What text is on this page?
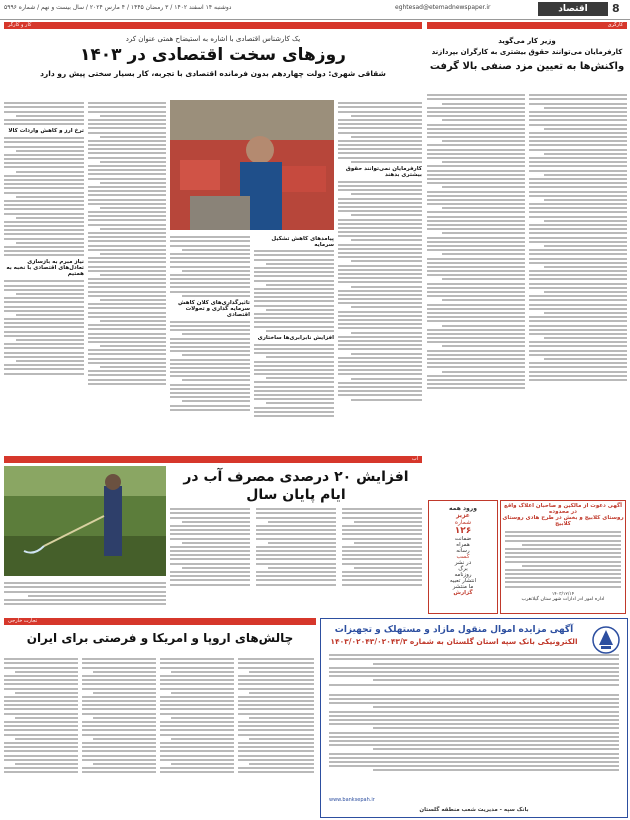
دوشنبه ۱۴ اسفند ۱۴۰۲ / ۳ رمضان ۱۴۴۵ / ۴ مارس ۲۰۲۴ / سال بیست و نهم / شماره ۵۹۹۶	eghtesad@etemadnewspaper.ir	اقتصاد	8
کارگری
وزیر کار می‌گوید
کارفرمایان می‌توانند حقوق بیشتری به کارگران بپردازند
واکنش‌ها به تعیین مزد صنفی بالا گرفت
کار و کارگر
یک کارشناس اقتصادی با اشاره به استیضاح همتی عنوان کرد
روزهای سخت اقتصادی در ۱۴۰۳
شقاقی شهری: دولت چهاردهم بدون فرمانده اقتصادی با تجربه، کار بسیار سختی پیش رو دارد
کارفرمایان نمی‌توانند حقوق بیشتری بدهند
پیامدهای کاهش تشکیل سرمایه
افزایش نابرابری‌ها ساختاری
تاثیرگذاری‌های کلان کاهش سرمایه گذاری و تحولات اقتصادی
ترخ ارز و کاهش واردات کالا
نیاز مبرم به بازسازی تعادل‌های اقتصادی با نخبه به همتیم
آب
افزایش ۲۰ درصدی مصرف آب در ایام پایان سال
آگهی دعوت از مالکین و صاحبان اعلاک واقع در محدوده
روستای کلابیج و بخش در طرح هادی روستای کلابیج
۱۴۰۳/۱۲/۱۴
اداره امور ادر ادارات شهر ستان گیلانغرب
ورود همه
عزیز
شماره
۱۲۶
ضمانت
همراه
رسانه
کسب
در نشر
برگ
روزنامه
انتشار تعبیه
ما منتشر
گزارش
تجارت خارجی
چالش‌های اروپا و امریکا و فرصتی برای ایران
آگهی مزایده اموال منقول مازاد و مستهلک و تجهیزات
الکترونیکی بانک سپه استان گلستان به شماره ۱۴۰۳/۰۲۰۴۳/۰۲۰۴۳/۳
www.banksepah.ir
بانک سپه - مدیریت شعب منطقه گلستان
